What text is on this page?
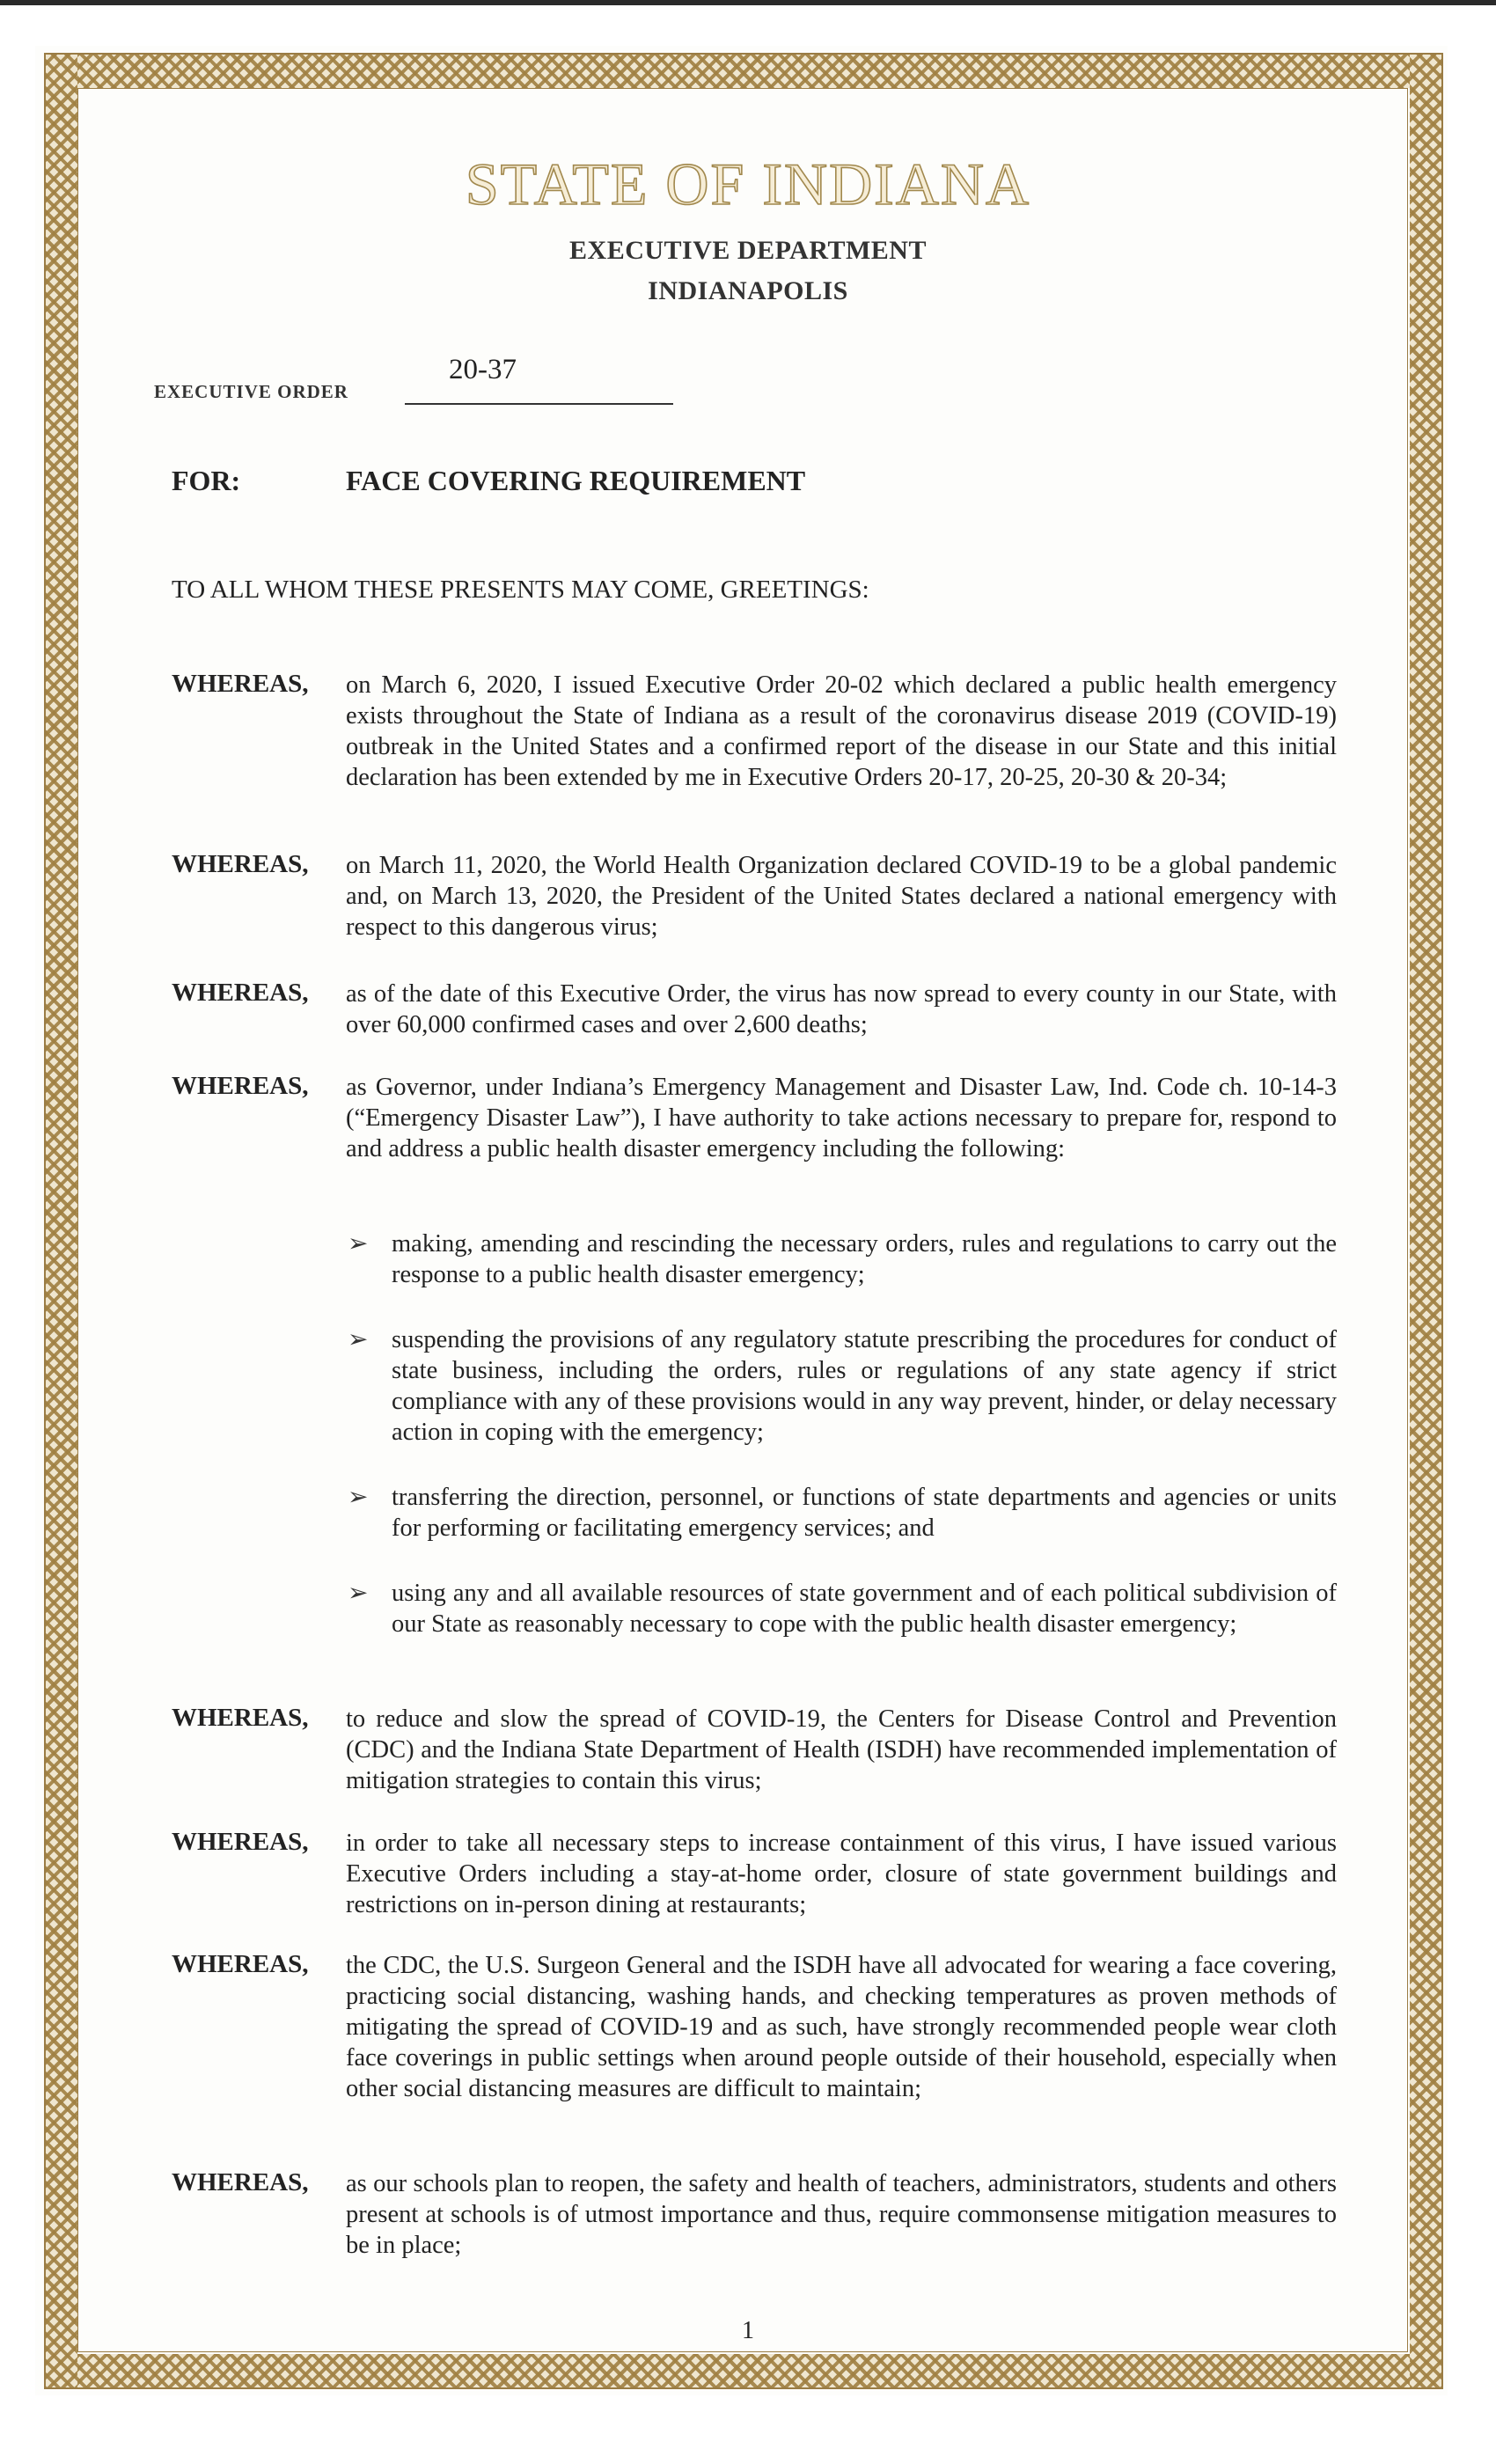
STATE OF INDIANA
EXECUTIVE DEPARTMENT
INDIANAPOLIS
EXECUTIVE ORDER
20-37
FOR:	FACE COVERING REQUIREMENT
TO ALL WHOM THESE PRESENTS MAY COME, GREETINGS:
WHEREAS, on March 6, 2020, I issued Executive Order 20-02 which declared a public health emergency exists throughout the State of Indiana as a result of the coronavirus disease 2019 (COVID-19) outbreak in the United States and a confirmed report of the disease in our State and this initial declaration has been extended by me in Executive Orders 20-17, 20-25, 20-30 & 20-34;
WHEREAS, on March 11, 2020, the World Health Organization declared COVID-19 to be a global pandemic and, on March 13, 2020, the President of the United States declared a national emergency with respect to this dangerous virus;
WHEREAS, as of the date of this Executive Order, the virus has now spread to every county in our State, with over 60,000 confirmed cases and over 2,600 deaths;
WHEREAS, as Governor, under Indiana’s Emergency Management and Disaster Law, Ind. Code ch. 10-14-3 (“Emergency Disaster Law”), I have authority to take actions necessary to prepare for, respond to and address a public health disaster emergency including the following:
➢ making, amending and rescinding the necessary orders, rules and regulations to carry out the response to a public health disaster emergency;
➢ suspending the provisions of any regulatory statute prescribing the procedures for conduct of state business, including the orders, rules or regulations of any state agency if strict compliance with any of these provisions would in any way prevent, hinder, or delay necessary action in coping with the emergency;
➢ transferring the direction, personnel, or functions of state departments and agencies or units for performing or facilitating emergency services; and
➢ using any and all available resources of state government and of each political subdivision of our State as reasonably necessary to cope with the public health disaster emergency;
WHEREAS, to reduce and slow the spread of COVID-19, the Centers for Disease Control and Prevention (CDC) and the Indiana State Department of Health (ISDH) have recommended implementation of mitigation strategies to contain this virus;
WHEREAS, in order to take all necessary steps to increase containment of this virus, I have issued various Executive Orders including a stay-at-home order, closure of state government buildings and restrictions on in-person dining at restaurants;
WHEREAS, the CDC, the U.S. Surgeon General and the ISDH have all advocated for wearing a face covering, practicing social distancing, washing hands, and checking temperatures as proven methods of mitigating the spread of COVID-19 and as such, have strongly recommended people wear cloth face coverings in public settings when around people outside of their household, especially when other social distancing measures are difficult to maintain;
WHEREAS, as our schools plan to reopen, the safety and health of teachers, administrators, students and others present at schools is of utmost importance and thus, require commonsense mitigation measures to be in place;
1
